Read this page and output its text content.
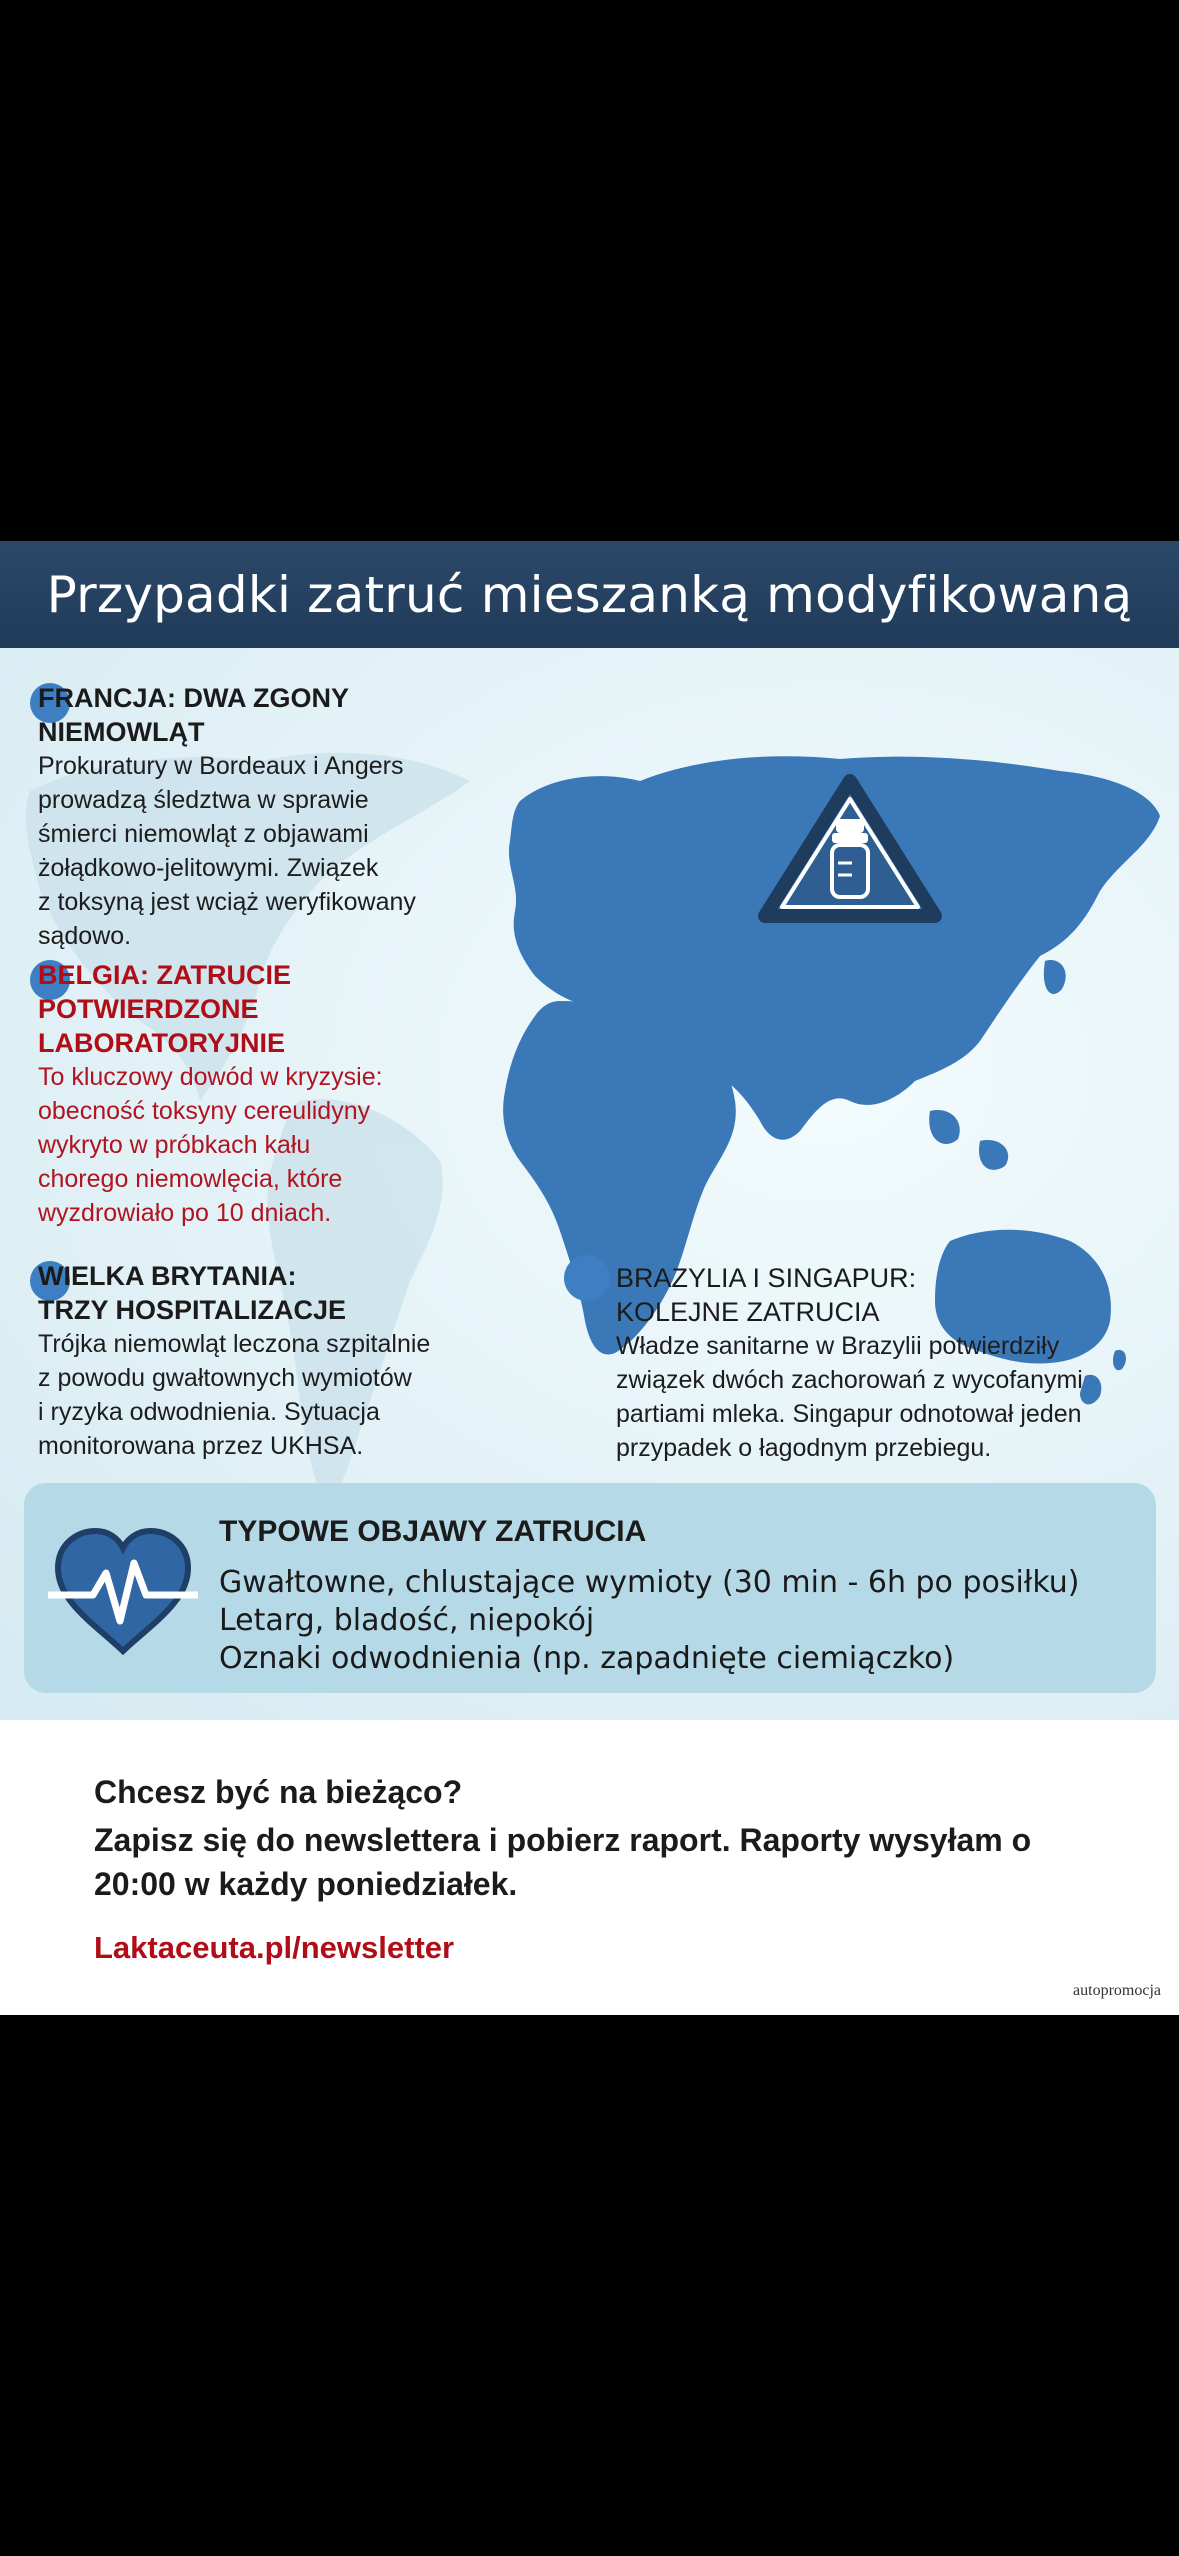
Przypadki zatruć mieszanką modyfikowaną
FRANCJA: DWA ZGONY
NIEMOWLĄT
Prokuratury w Bordeaux i Angers
prowadzą śledztwa w sprawie
śmierci niemowląt z objawami
żołądkowo-jelitowymi. Związek
z toksyną jest wciąż weryfikowany
sądowo.
BELGIA: ZATRUCIE
POTWIERDZONE
LABORATORYJNIE
To kluczowy dowód w kryzysie:
obecność toksyny cereulidyny
wykryto w próbkach kału
chorego niemowlęcia, które
wyzdrowiało po 10 dniach.
WIELKA BRYTANIA:
TRZY HOSPITALIZACJE
Trójka niemowląt leczona szpitalnie
z powodu gwałtownych wymiotów
i ryzyka odwodnienia. Sytuacja
monitorowana przez UKHSA.
BRAZYLIA I SINGAPUR:
KOLEJNE ZATRUCIA
Władze sanitarne w Brazylii potwierdziły
związek dwóch zachorowań z wycofanymi
partiami mleka. Singapur odnotował jeden
przypadek o łagodnym przebiegu.
TYPOWE OBJAWY ZATRUCIA
Gwałtowne, chlustające wymioty (30 min - 6h po posiłku)
Letarg, bladość, niepokój
Oznaki odwodnienia (np. zapadnięte ciemiączko)
Chcesz być na bieżąco?
Zapisz się do newslettera i pobierz raport. Raporty wysyłam o 20:00 w każdy poniedziałek.
Laktaceuta.pl/newsletter
autopromocja
